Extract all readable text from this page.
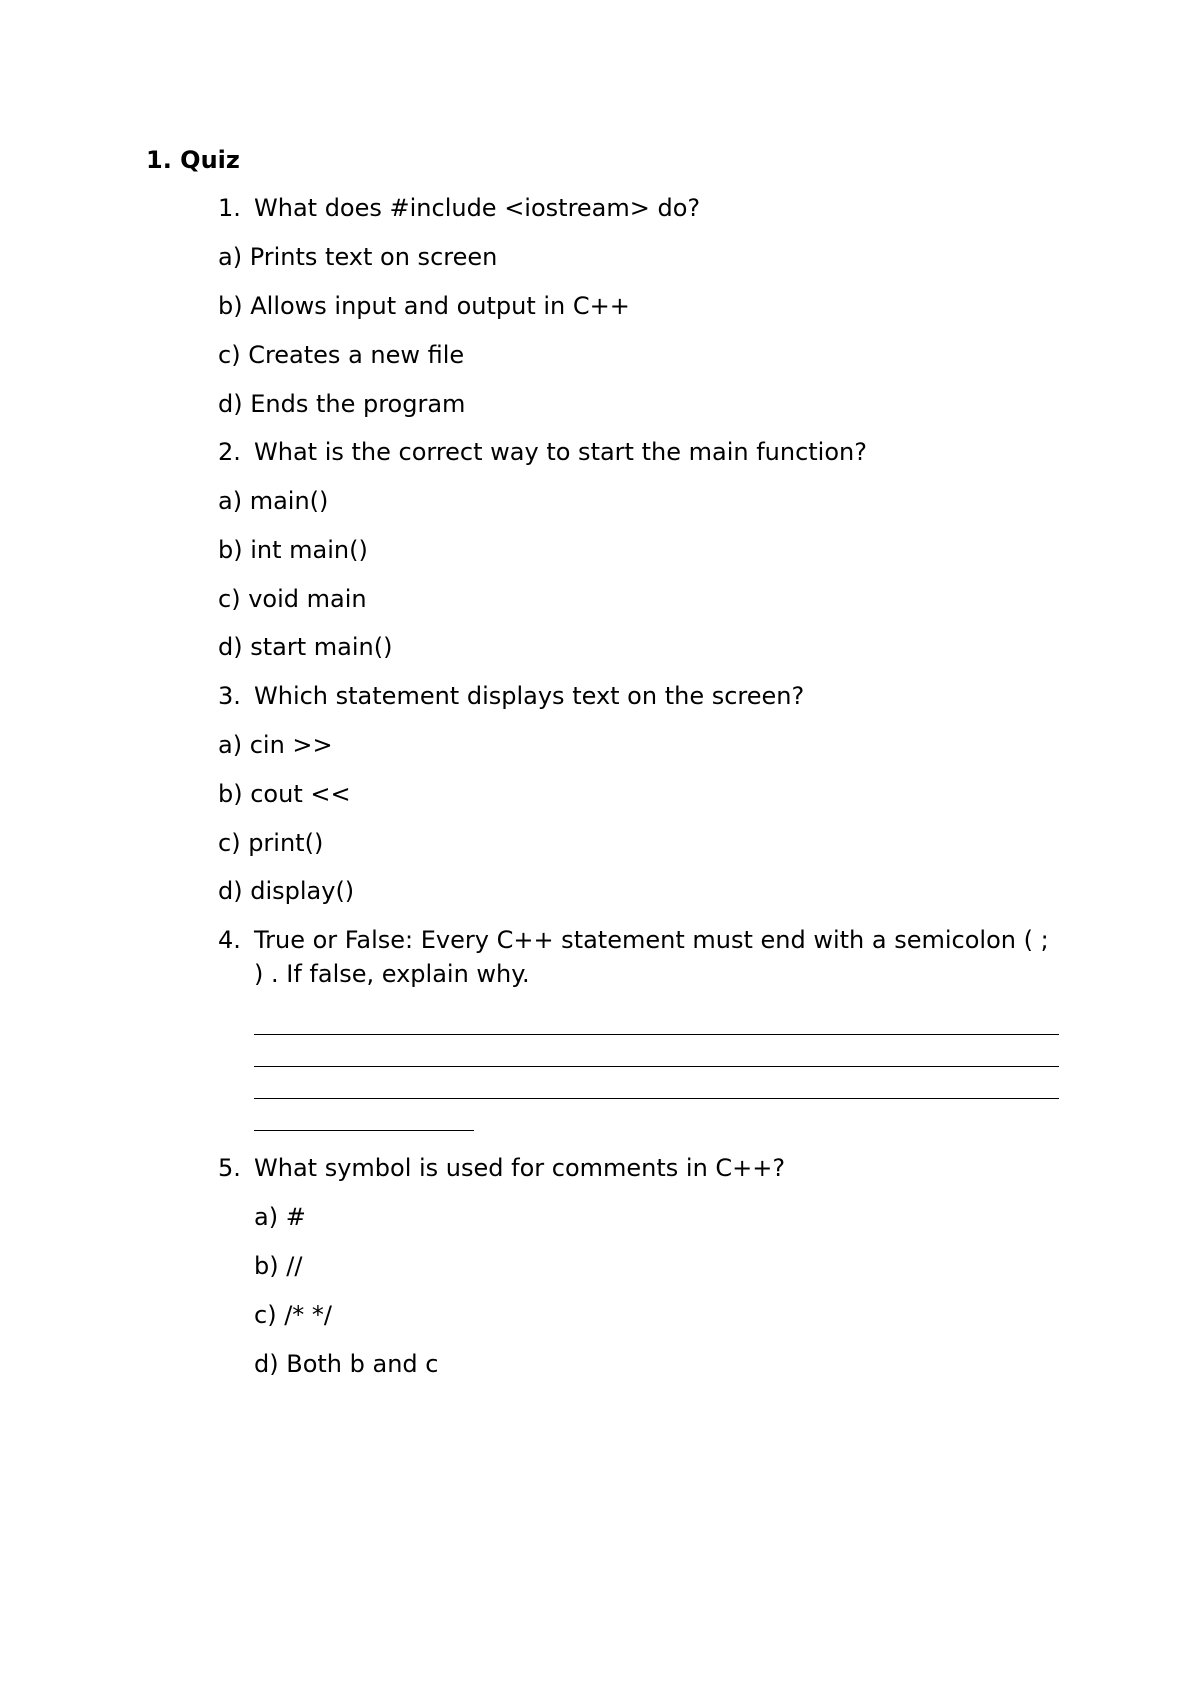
1. Quiz
1. What does #include <iostream> do?
a) Prints text on screen
b) Allows input and output in C++
c) Creates a new file
d) Ends the program
2. What is the correct way to start the main function?
a) main()
b) int main()
c) void main
d) start main()
3. Which statement displays text on the screen?
a) cin >>
b) cout <<
c) print()
d) display()
4. True or False: Every C++ statement must end with a semicolon ( ;
) . If false, explain why.
5. What symbol is used for comments in C++?
a) #
b) //
c) /* */
d) Both b and c
